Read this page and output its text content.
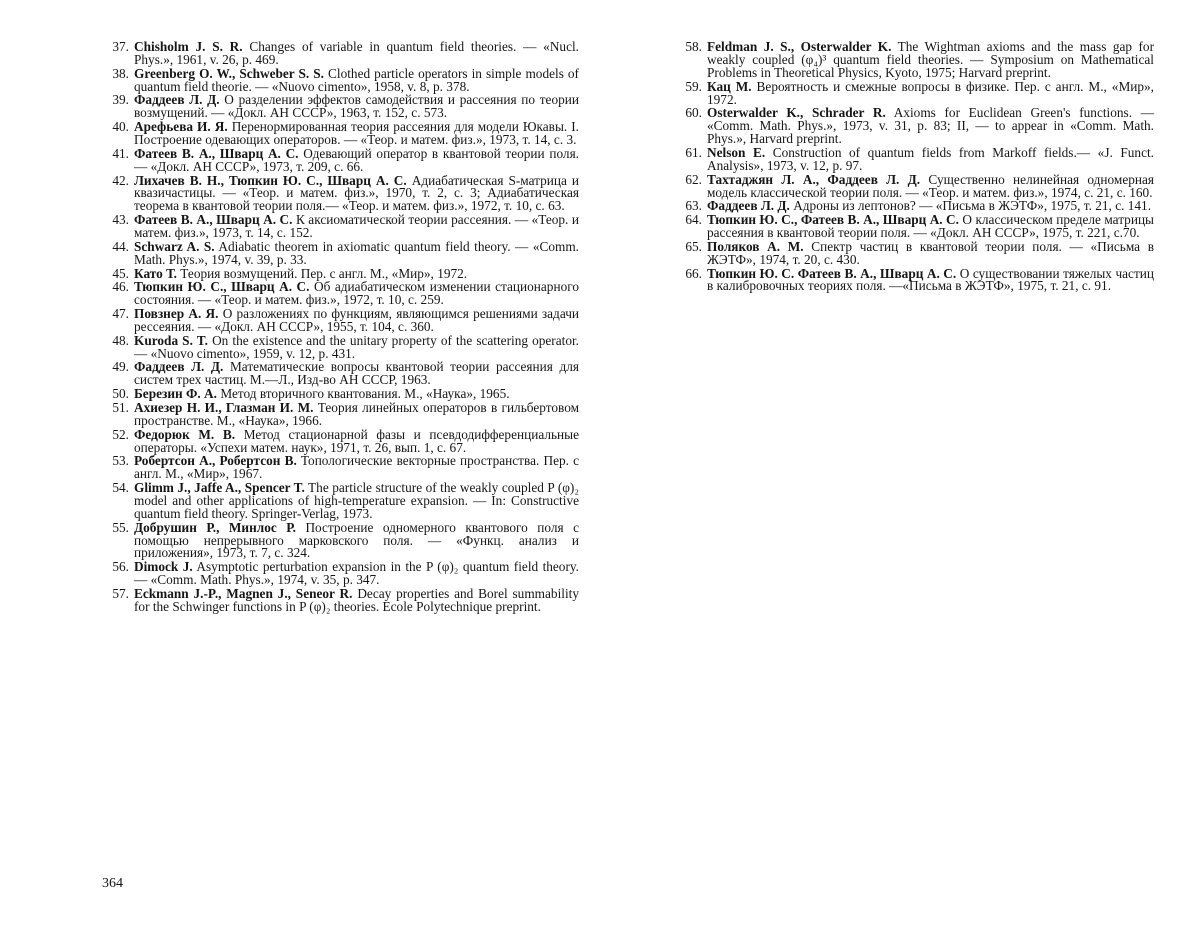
37. Chisholm J. S. R. Changes of variable in quantum field theories. — «Nucl. Phys.», 1961, v. 26, p. 469.
38. Greenberg O. W., Schweber S. S. Clothed particle operators in simple models of quantum field theorie. — «Nuovo cimento», 1958, v. 8, p. 378.
39. Фаддеев Л. Д. О разделении эффектов самодействия и рассеяния по теории возмущений. — «Докл. АН СССР», 1963, т. 152, с. 573.
40. Арефьева И. Я. Перенормированная теория рассеяния для модели Юкавы. I. Построение одевающих операторов. — «Теор. и матем. физ.», 1973, т. 14, с. 3.
41. Фатеев В. А., Шварц А. С. Одевающий оператор в квантовой теории поля. — «Докл. АН СССР», 1973, т. 209, с. 66.
42. Лихачев В. Н., Тюпкин Ю. С., Шварц А. С. Адиабатическая S-матрица и квазичастицы. — «Теор. и матем. физ.», 1970, т. 2, с. 3; Адиабатическая теорема в квантовой теории поля.— «Теор. и матем. физ.», 1972, т. 10, с. 63.
43. Фатеев В. А., Шварц А. С. К аксиоматической теории рассеяния. — «Теор. и матем. физ.», 1973, т. 14, с. 152.
44. Schwarz A. S. Adiabatic theorem in axiomatic quantum field theory. — «Comm. Math. Phys.», 1974, v. 39, p. 33.
45. Като Т. Теория возмущений. Пер. с англ. М., «Мир», 1972.
46. Тюпкин Ю. С., Шварц А. С. Об адиабатическом изменении стационарного состояния. — «Теор. и матем. физ.», 1972, т. 10, с. 259.
47. Повзнер А. Я. О разложениях по функциям, являющимся решениями задачи рессеяния. — «Докл. АН СССР», 1955, т. 104, с. 360.
48. Kuroda S. T. On the existence and the unitary property of the scattering operator. — «Nuovo cimento», 1959, v. 12, p. 431.
49. Фаддеев Л. Д. Математические вопросы квантовой теории рассеяния для систем трех частиц. М.—Л., Изд-во АН СССР, 1963.
50. Березин Ф. А. Метод вторичного квантования. М., «Наука», 1965.
51. Ахиезер Н. И., Глазман И. М. Теория линейных операторов в гильбертовом пространстве. М., «Наука», 1966.
52. Федорюк М. В. Метод стационарной фазы и псевдодифференциальные операторы. «Успехи матем. наук», 1971, т. 26, вып. 1, с. 67.
53. Робертсон А., Робертсон В. Топологические векторные пространства. Пер. с англ. М., «Мир», 1967.
54. Glimm J., Jaffe A., Spencer T. The particle structure of the weakly coupled P (φ)₂ model and other applications of high-temperature expansion. — In: Constructive quantum field theory. Springer-Verlag, 1973.
55. Добрушин Р., Минлос Р. Построение одномерного квантового поля с помощью непрерывного марковского поля. — «Функц. анализ и приложения», 1973, т. 7, с. 324.
56. Dimock J. Asymptotic perturbation expansion in the P (φ)₂ quantum field theory. — «Comm. Math. Phys.», 1974, v. 35, p. 347.
57. Eckmann J.-P., Magnen J., Seneor R. Decay properties and Borel summability for the Schwinger functions in P (φ)₂ theories. Ecole Polytechnique preprint.
58. Feldman J. S., Osterwalder K. The Wightman axioms and the mass gap for weakly coupled (φ₄)³ quantum field theories. — Symposium on Mathematical Problems in Theoretical Physics, Kyoto, 1975; Harvard preprint.
59. Кац М. Вероятность и смежные вопросы в физике. Пер. с англ. М., «Мир», 1972.
60. Osterwalder K., Schrader R. Axioms for Euclidean Green's functions. — «Comm. Math. Phys.», 1973, v. 31, p. 83; II, — to appear in «Comm. Math. Phys.», Harvard preprint.
61. Nelson E. Construction of quantum fields from Markoff fields.— «J. Funct. Analysis», 1973, v. 12, p. 97.
62. Тахтаджян Л. А., Фаддеев Л. Д. Существенно нелинейная одномерная модель классической теории поля. — «Теор. и матем. физ.», 1974, с. 21, с. 160.
63. Фаддеев Л. Д. Адроны из лептонов? — «Письма в ЖЭТФ», 1975, т. 21, с. 141.
64. Тюпкин Ю. С., Фатеев В. А., Шварц А. С. О классическом пределе матрицы рассеяния в квантовой теории поля. — «Докл. АН СССР», 1975, т. 221, с.70.
65. Поляков А. М. Спектр частиц в квантовой теории поля. — «Письма в ЖЭТФ», 1974, т. 20, с. 430.
66. Тюпкин Ю. С. Фатеев В. А., Шварц А. С. О существовании тяжелых частиц в калибровочных теориях поля. —«Письма в ЖЭТФ», 1975, т. 21, с. 91.
364
